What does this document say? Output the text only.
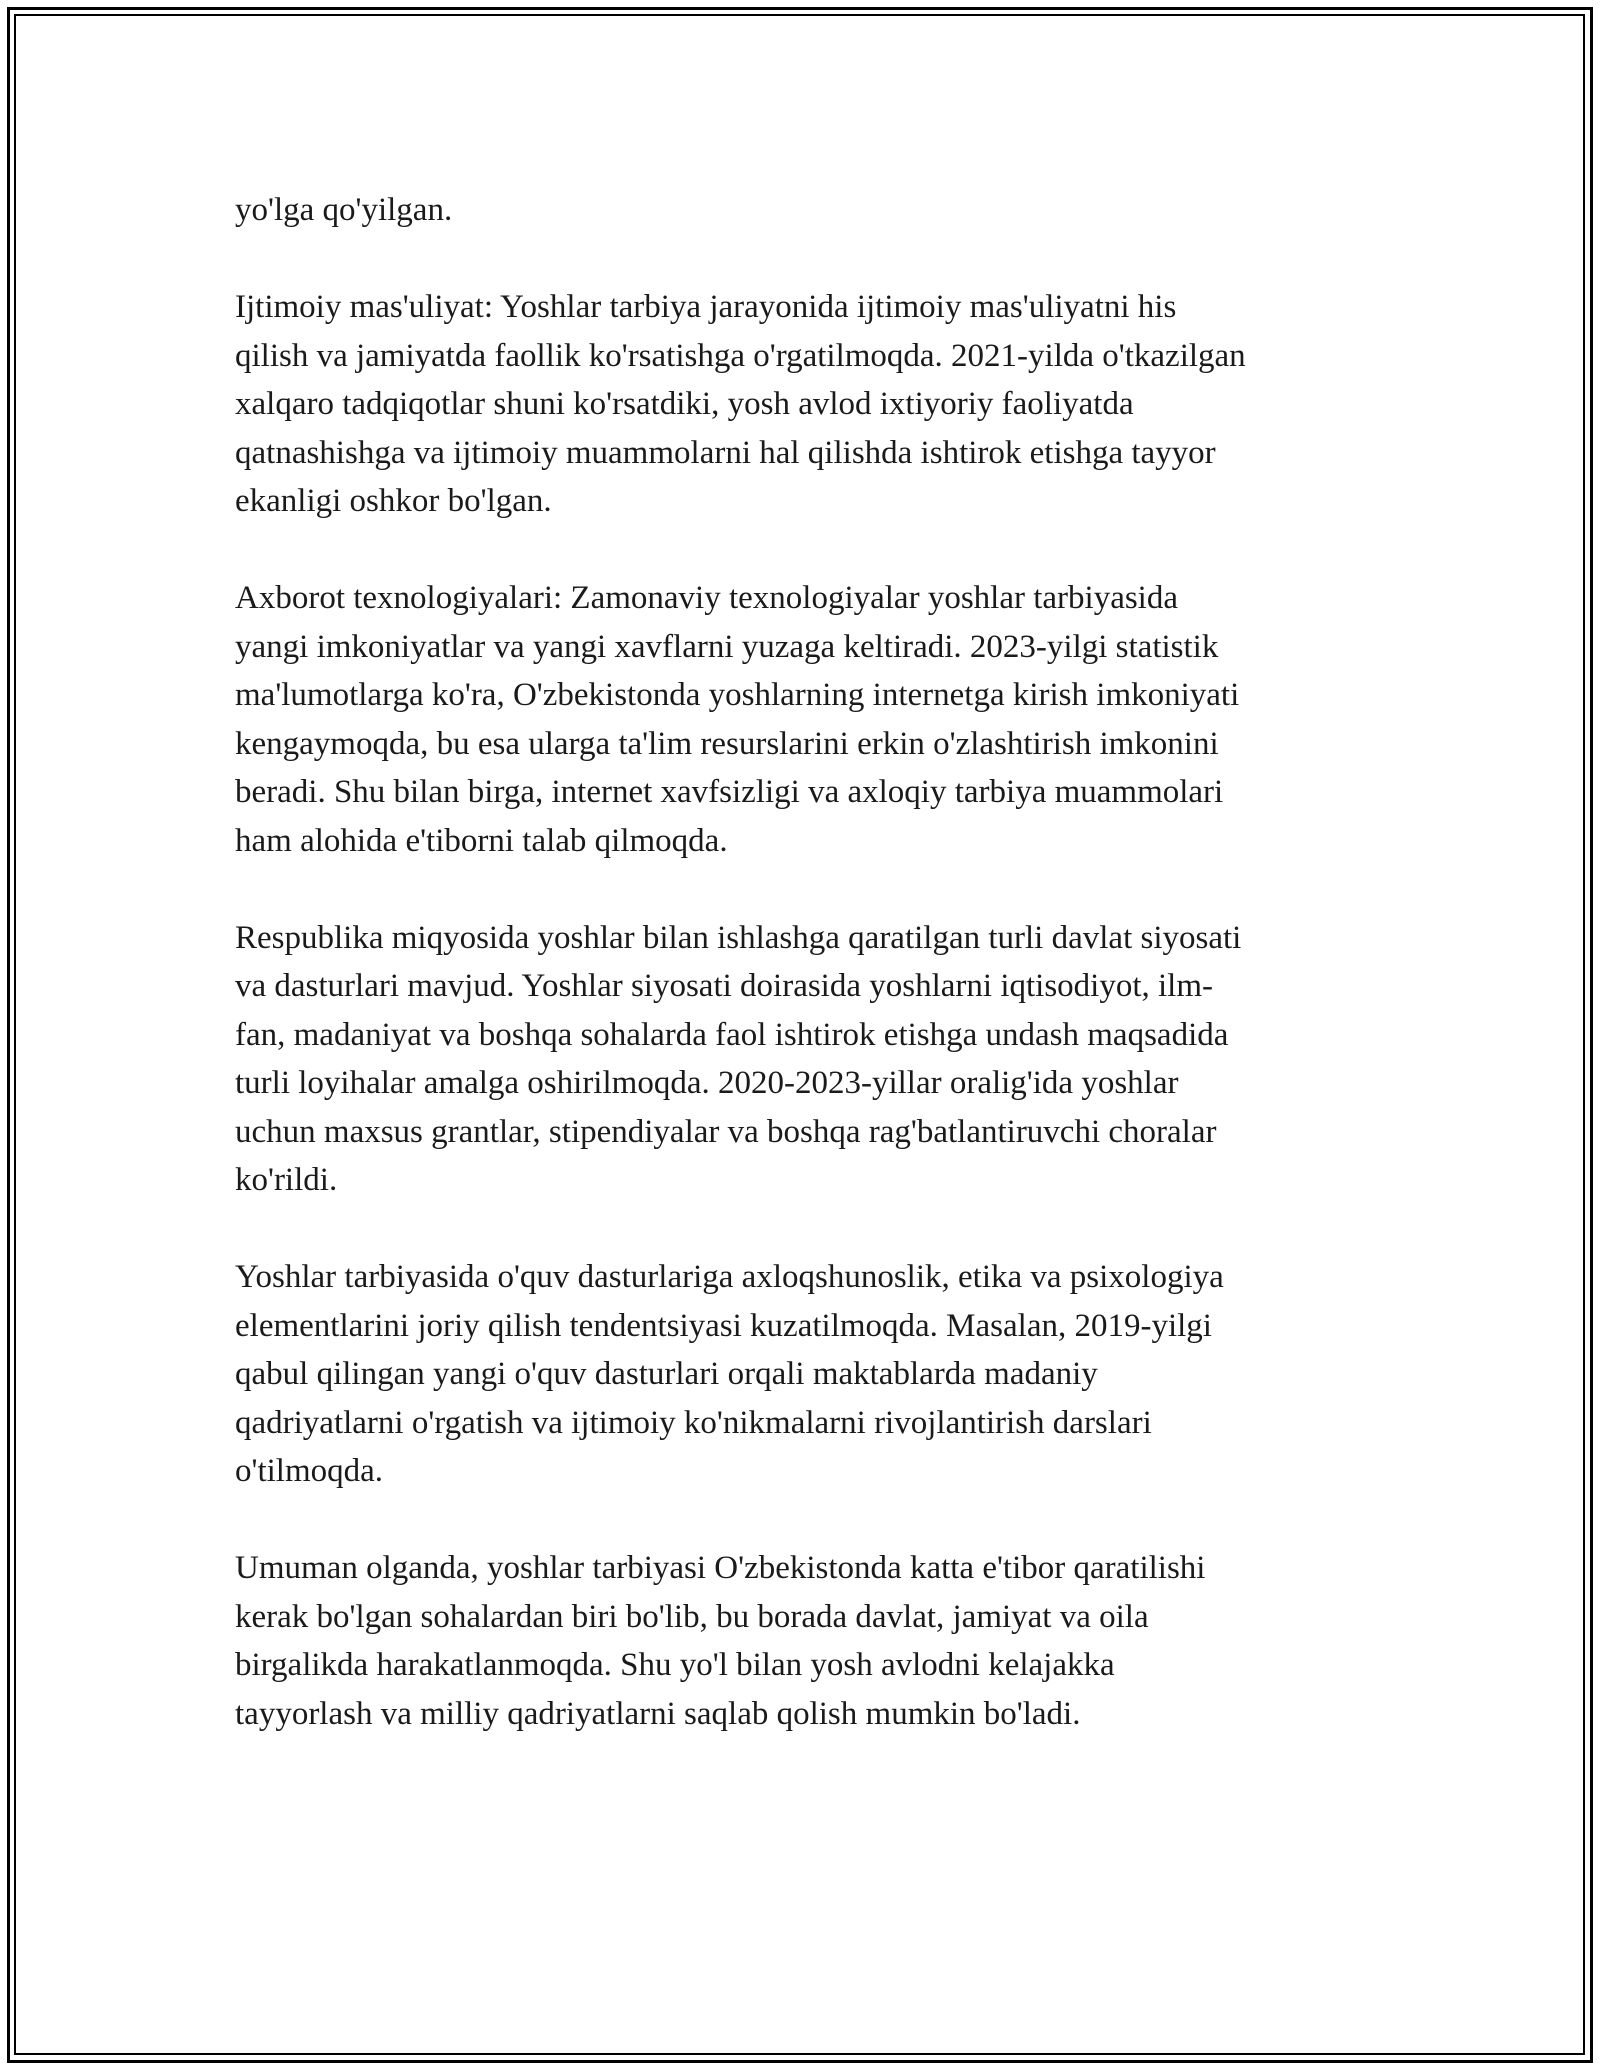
yo'lga qo'yilgan.

Ijtimoiy mas'uliyat: Yoshlar tarbiya jarayonida ijtimoiy mas'uliyatni his
qilish va jamiyatda faollik ko'rsatishga o'rgatilmoqda. 2021-yilda o'tkazilgan
xalqaro tadqiqotlar shuni ko'rsatdiki, yosh avlod ixtiyoriy faoliyatda
qatnashishga va ijtimoiy muammolarni hal qilishda ishtirok etishga tayyor
ekanligi oshkor bo'lgan.

Axborot texnologiyalari: Zamonaviy texnologiyalar yoshlar tarbiyasida
yangi imkoniyatlar va yangi xavflarni yuzaga keltiradi. 2023-yilgi statistik
ma'lumotlarga ko'ra, O'zbekistonda yoshlarning internetga kirish imkoniyati
kengaymoqda, bu esa ularga ta'lim resurslarini erkin o'zlashtirish imkonini
beradi. Shu bilan birga, internet xavfsizligi va axloqiy tarbiya muammolari
ham alohida e'tiborni talab qilmoqda.

Respublika miqyosida yoshlar bilan ishlashga qaratilgan turli davlat siyosati
va dasturlari mavjud. Yoshlar siyosati doirasida yoshlarni iqtisodiyot, ilm-
fan, madaniyat va boshqa sohalarda faol ishtirok etishga undash maqsadida
turli loyihalar amalga oshirilmoqda. 2020-2023-yillar oralig'ida yoshlar
uchun maxsus grantlar, stipendiyalar va boshqa rag'batlantiruvchi choralar
ko'rildi.

Yoshlar tarbiyasida o'quv dasturlariga axloqshunoslik, etika va psixologiya
elementlarini joriy qilish tendentsiyasi kuzatilmoqda. Masalan, 2019-yilgi
qabul qilingan yangi o'quv dasturlari orqali maktablarda madaniy
qadriyatlarni o'rgatish va ijtimoiy ko'nikmalarni rivojlantirish darslari
o'tilmoqda.

Umuman olganda, yoshlar tarbiyasi O'zbekistonda katta e'tibor qaratilishi
kerak bo'lgan sohalardan biri bo'lib, bu borada davlat, jamiyat va oila
birgalikda harakatlanmoqda. Shu yo'l bilan yosh avlodni kelajakka
tayyorlash va milliy qadriyatlarni saqlab qolish mumkin bo'ladi.
